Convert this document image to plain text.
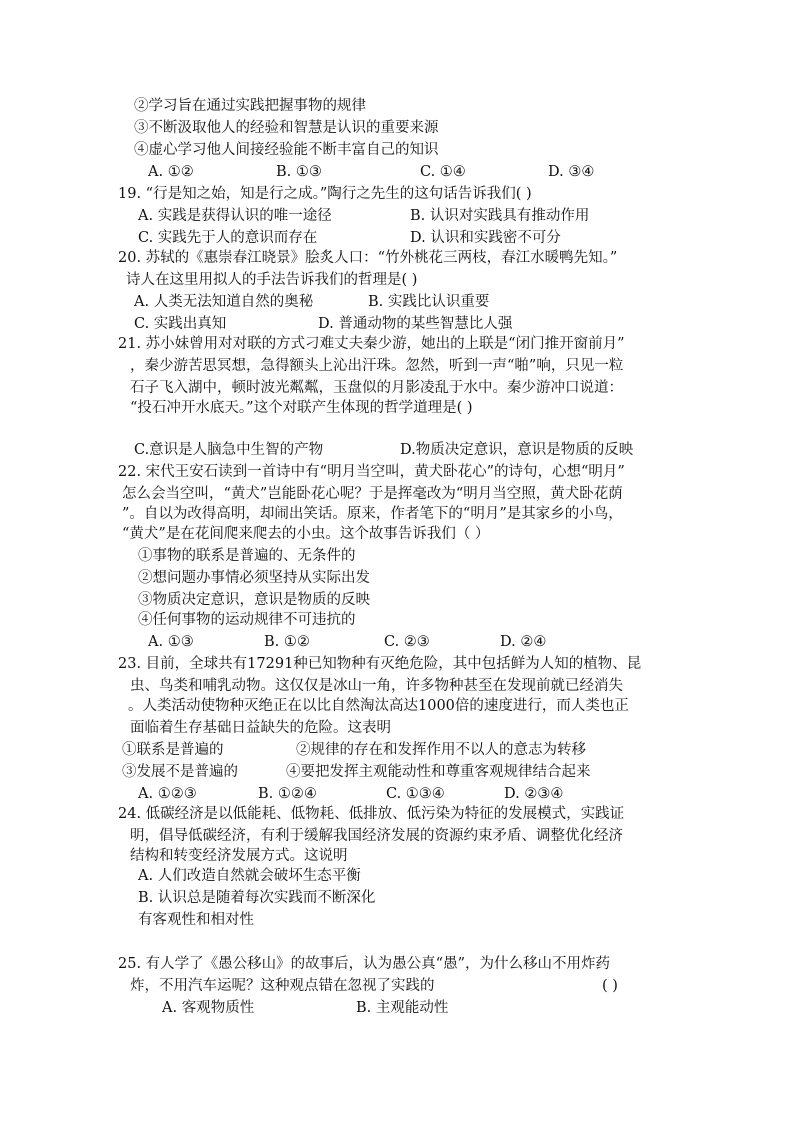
②学习旨在通过实践把握事物的规律
③不断汲取他人的经验和智慧是认识的重要来源
④虚心学习他人间接经验能不断丰富自己的知识
A. ①②	B. ①③	C. ①④	D. ③④
19. “行是知之始，知是行之成。”陶行之先生的这句话告诉我们( )
A. 实践是获得认识的唯一途径	B. 认识对实践具有推动作用
C. 实践先于人的意识而存在	D. 认识和实践密不可分
20. 苏轼的《惠崇春江晓景》脍炙人口：“竹外桃花三两枝，春江水暖鸭先知。”
诗人在这里用拟人的手法告诉我们的哲理是( )
A. 人类无法知道自然的奥秘	B. 实践比认识重要
C. 实践出真知	D. 普通动物的某些智慧比人强
21. 苏小妹曾用对对联的方式刁难丈夫秦少游，她出的上联是“闭门推开窗前月”
，秦少游苦思冥想，急得额头上沁出汗珠。忽然，听到一声“啪”响，只见一粒
石子飞入湖中，顿时波光粼粼，玉盘似的月影凌乱于水中。秦少游冲口说道：
“投石冲开水底天。”这个对联产生体现的哲学道理是( )
C.意识是人脑急中生智的产物	D.物质决定意识，意识是物质的反映
22. 宋代王安石读到一首诗中有“明月当空叫，黄犬卧花心”的诗句，心想“明月”
怎么会当空叫，“黄犬”岂能卧花心呢？于是挥毫改为“明月当空照，黄犬卧花荫
”。自以为改得高明，却闹出笑话。原来，作者笔下的“明月”是其家乡的小鸟，
“黄犬”是在花间爬来爬去的小虫。这个故事告诉我们（ ）
①事物的联系是普遍的、无条件的
②想问题办事情必须坚持从实际出发
③物质决定意识，意识是物质的反映
④任何事物的运动规律不可违抗的
A. ①③	B. ①②	C. ②③	D. ②④
23. 目前，全球共有17291种已知物种有灭绝危险，其中包括鲜为人知的植物、昆
虫、鸟类和哺乳动物。这仅仅是冰山一角，许多物种甚至在发现前就已经消失
。人类活动使物种灭绝正在以比自然淘汰高达1000倍的速度进行，而人类也正
面临着生存基础日益缺失的危险。这表明
①联系是普遍的	②规律的存在和发挥作用不以人的意志为转移
③发展不是普遍的	④要把发挥主观能动性和尊重客观规律结合起来
A. ①②③	B. ①②④	C. ①③④	D. ②③④
24. 低碳经济是以低能耗、低物耗、低排放、低污染为特征的发展模式，实践证
明，倡导低碳经济，有利于缓解我国经济发展的资源约束矛盾、调整优化经济
结构和转变经济发展方式。这说明
A. 人们改造自然就会破坏生态平衡
B. 认识总是随着每次实践而不断深化
有客观性和相对性
25. 有人学了《愚公移山》的故事后，认为愚公真“愚”，为什么移山不用炸药
炸，不用汽车运呢？这种观点错在忽视了实践的	( )
A. 客观物质性	B. 主观能动性
